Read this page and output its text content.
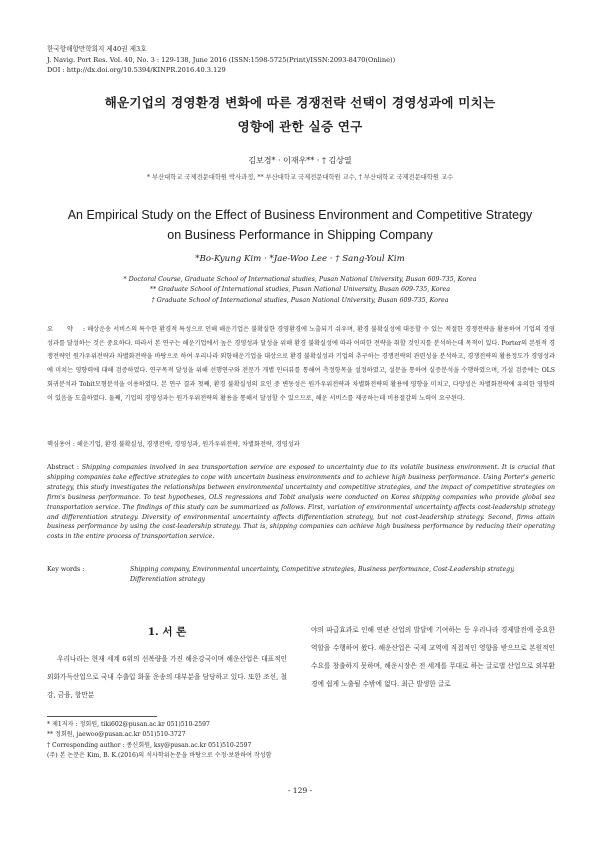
한국항해항만학회지 제40권 제3호
J. Navig. Port Res. Vol. 40, No. 3 : 129-138, June 2016 (ISSN:1598-5725(Print)/ISSN:2093-8470(Online))
DOI : http://dx.doi.org/10.5394/KINPR.2016.40.3.129
해운기업의 경영환경 변화에 따른 경쟁전략 선택이 경영성과에 미치는
영향에 관한 실증 연구
김보경* · 이재우** · † 김상열
* 부산대학교 국제전문대학원 박사과정, ** 부산대학교 국제전문대학원 교수, † 부산대학교 국제전문대학원 교수
An Empirical Study on the Effect of Business Environment and Competitive Strategy
on Business Performance in Shipping Company
*Bo-Kyung Kim · *Jae-Woo Lee · † Sang-Youl Kim
* Doctoral Course, Graduate School of International studies, Pusan National University, Busan 609-735, Korea
** Graduate School of International studies, Pusan National University, Busan 609-735, Korea
† Graduate School of International studies, Pusan National University, Busan 609-735, Korea
요 약 : 해상운송 서비스의 특수한 환경적 특성으로 인해 해운기업은 불확실한 경영환경에 노출되기 쉬우며, 환경 불확실성에 대응할 수 있는 적절한 경쟁전략을 활용하여 기업의 경영성과를 달성하는 것은 중요하다. 따라서 본 연구는 해운기업에서 높은 경영성과 달성을 위해 환경 불확실성에 따라 어떠한 전략을 취할 것인지를 분석하는데 목적이 있다. Porter의 본원적 경쟁전략인 원가우위전략과 차별화전략을 바탕으로 하여 우리나라 외항해운기업을 대상으로 환경 불확실성과 기업의 추구하는 경쟁전략의 관련성을 분석하고, 경쟁전략의 활용정도가 경영성과에 미치는 영향력에 대해 검증하였다. 연구목적 달성을 위해 선행연구와 전문가 개별 인터뷰를 통해여 측정항목을 설정하였고, 설문을 통하여 실증분석을 수행하였으며, 가설 검증에는 OLS회귀분석과 Tobit모형분석을 이용하였다. 본 연구 결과 첫째, 환경 불확실성의 요인 중 변동성은 원가우위전략과 차별화전략의 활용에 영향을 미치고, 다양성은 차별화전략에 유의한 영향력이 있음을 도출하였다. 둘째, 기업의 경영성과는 원가우위전략의 활용을 통해서 달성할 수 있으므로, 해운 서비스를 제공하는데 비용절감의 노력이 요구된다.
핵심용어 : 해운기업, 환경 불확실성, 경쟁전략, 경영성과, 원가우위전략, 차별화전략, 경영성과
Abstract : Shipping companies involved in sea transportation service are exposed to uncertainty due to its volatile business environment. It is crucial that shipping companies take effective strategies to cope with uncertain business environments and to achieve high business performance. Using Porter's generic strategy, this study investigates the relationships between environmental uncertainty and competitive strategies, and the impact of competitive strategies on firm's business performance. To test hypotheses, OLS regressions and Tobit analysis were conducted on Korea shipping companies who provide global sea transportation service. The findings of this study can be summarized as follows. First, variation of environmental uncertainty affects cost-leadership strategy and differentiation strategy. Diversity of environmental uncertainty affects differentiation strategy, but not cost-leadership strategy. Second, firms attain business performance by using the cost-leadership strategy. That is, shipping companies can achieve high business performance by reducing their operating costs in the entire process of transportation service.
Key words :	Shipping company, Environmental uncertainty, Competitive strategies, Business performance, Cost-Leadership strategy,
Differentiation strategy
1. 서 론
우리나라는 현재 세계 6위의 선복량을 가진 해운강국이며 해운산업은 대표적인 외화가득산업으로 국내 수출입 화물 운송의 대부분을 담당하고 있다. 또한 조선, 철강, 금융, 항만분
야의 파급효과로 인해 연관 산업의 발달에 기여하는 등 우리나라 경제발전에 중요한 역할을 수행하여 왔다. 해운산업은 국제 교역에 직접적인 영향을 받으므로 본원적인 수요를 창출하지 못하며, 해운시장은 전 세계를 무대로 하는 글로벌 산업으로 외부환경에 쉽게 노출될 수밖에 없다. 최근 발생한 글로
* 제1저자 : 정회원, tiki602@pusan.ac.kr 051)510-2597
** 정회원, jaewoo@pusan.ac.kr 051)510-3727
† Corresponding author : 종신회원, ksy@pusan.ac.kr 051)510-2597
(주) 본 논문은 Kim, B. K.(2016)의 석사학위논문을 바탕으로 수정·보완하여 작성함
- 129 -
